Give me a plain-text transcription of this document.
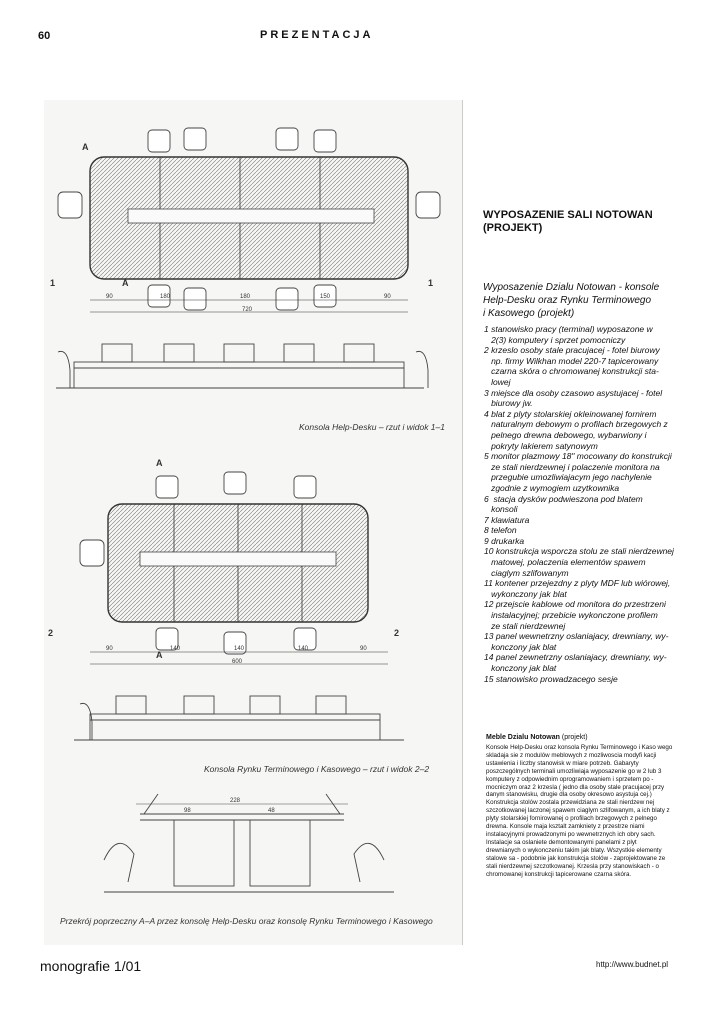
60	PREZENTACJA
A
A
1	1
90	180	180	150	90
720
Konsola Help-Desku – rzut i widok 1–1
A
A
2	2
90	140	140	140	90
600
Konsola Rynku Terminowego i Kasowego – rzut i widok 2–2
228
98	48
Przekrój poprzeczny A–A przez konsolę Help-Desku oraz konsolę Rynku Terminowego i Kasowego
WYPOSAZENIE SALI NOTOWAN
(PROJEKT)
Wyposazenie Dzialu Notowan - konsole
Help-Desku oraz Rynku Terminowego
i Kasowego (projekt)
1 stanowisko pracy (terminal) wyposazone w
2(3) komputery i sprzet pomocniczy
2 krzeslo osoby stale pracujacej - fotel biurowy
np. firmy Wilkhan model 220-7 tapicerowany
czarna skóra o chromowanej konstrukcji sta-
lowej
3 miejsce dla osoby czasowo asystujacej - fotel
biurowy jw.
4 blat z plyty stolarskiej okleinowanej fornirem
naturalnym debowym o profilach brzegowych z
pelnego drewna debowego, wybarwiony i
pokryty lakierem satynowym
5 monitor plazmowy 18" mocowany do konstrukcji
ze stali nierdzewnej i polaczenie monitora na
przegubie umozliwiajacym jego nachylenie
zgodnie z wymogiem uzytkownika
6  stacja dysków podwieszona pod blatem
konsoli
7 klawiatura
8 telefon
9 drukarka
10 konstrukcja wsporcza stolu ze stali nierdzewnej
matowej, polaczenia elementów spawem
ciaglym szlifowanym
11 kontener przejezdny z plyty MDF lub wiórowej,
wykonczony jak blat
12 przejscie kablowe od monitora do przestrzeni
instalacyjnej; przebicie wykonczone profilem
ze stali nierdzewnej
13 panel wewnetrzny oslaniajacy, drewniany, wy-
konczony jak blat
14 panel zewnetrzny oslaniajacy, drewniany, wy-
konczony jak blat
15 stanowisko prowadzacego sesje
Meble Dzialu Notowan (projekt)
Konsole Help-Desku oraz konsola Rynku Terminowego i Kaso wego
skladaja sie z modulów meblowych z mozliwoscia modyfi kacji
ustawienia i liczby stanowisk w miare potrzeb. Gabaryty
poszczególnych terminali umozliwiaja wyposazenie go w 2 lub 3
komputery z odpowiednim oprogramowaniem i sprzetem po -
mocniczym oraz 2 krzesla ( jedno dla osoby stale pracujacej przy
danym stanowisku, drugie dla osoby okresowo asystuja cej.)
Konstrukcja stolów zostala przewidziana ze stali nierdzew nej
szczotkowanej laczonej spawem ciaglym szlifowanym, a ich blaty z
plyty stolarskiej fornirowanej o profilach brzegowych z pelnego
drewna. Konsole maja ksztalt zamkniety z przestrze niami
instalacyjnymi prowadzonymi po wewnetrznych ich obry sach.
Instalacje sa oslaniete demontowanymi panelami z plyt
drewnianych o wykonczeniu takim jak blaty. Wszystkie elementy
stalowe sa - podobnie jak konstrukcja stolów - zaprojektowane ze
stali nierdzewnej szczotkowanej. Krzesla przy stanowiskach - o
chromowanej konstrukcji tapicerowane czarna skóra.
monografie 1/01	http://www.budnet.pl
